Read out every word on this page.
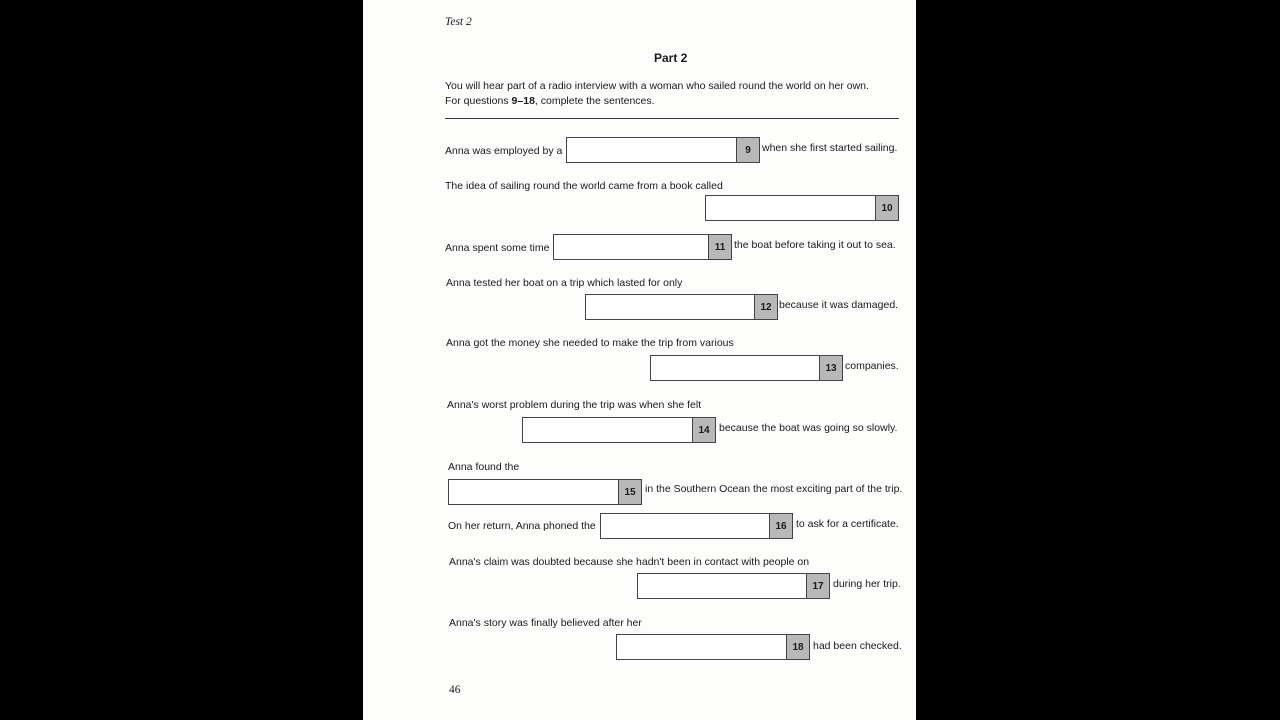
Test 2
Part 2
You will hear part of a radio interview with a woman who sailed round the world on her own.
For questions 9–18, complete the sentences.
Anna was employed by a	9	when she first started sailing.
The idea of sailing round the world came from a book called
10
Anna spent some time	11 the boat before taking it out to sea.
Anna tested her boat on a trip which lasted for only
12 because it was damaged.
Anna got the money she needed to make the trip from various
13 companies.
Anna's worst problem during the trip was when she felt
14 because the boat was going so slowly.
Anna found the
15 in the Southern Ocean the most exciting part of the trip.
On her return, Anna phoned the	16 to ask for a certificate.
Anna's claim was doubted because she hadn't been in contact with people on
17 during her trip.
Anna's story was finally believed after her
18 had been checked.
46
